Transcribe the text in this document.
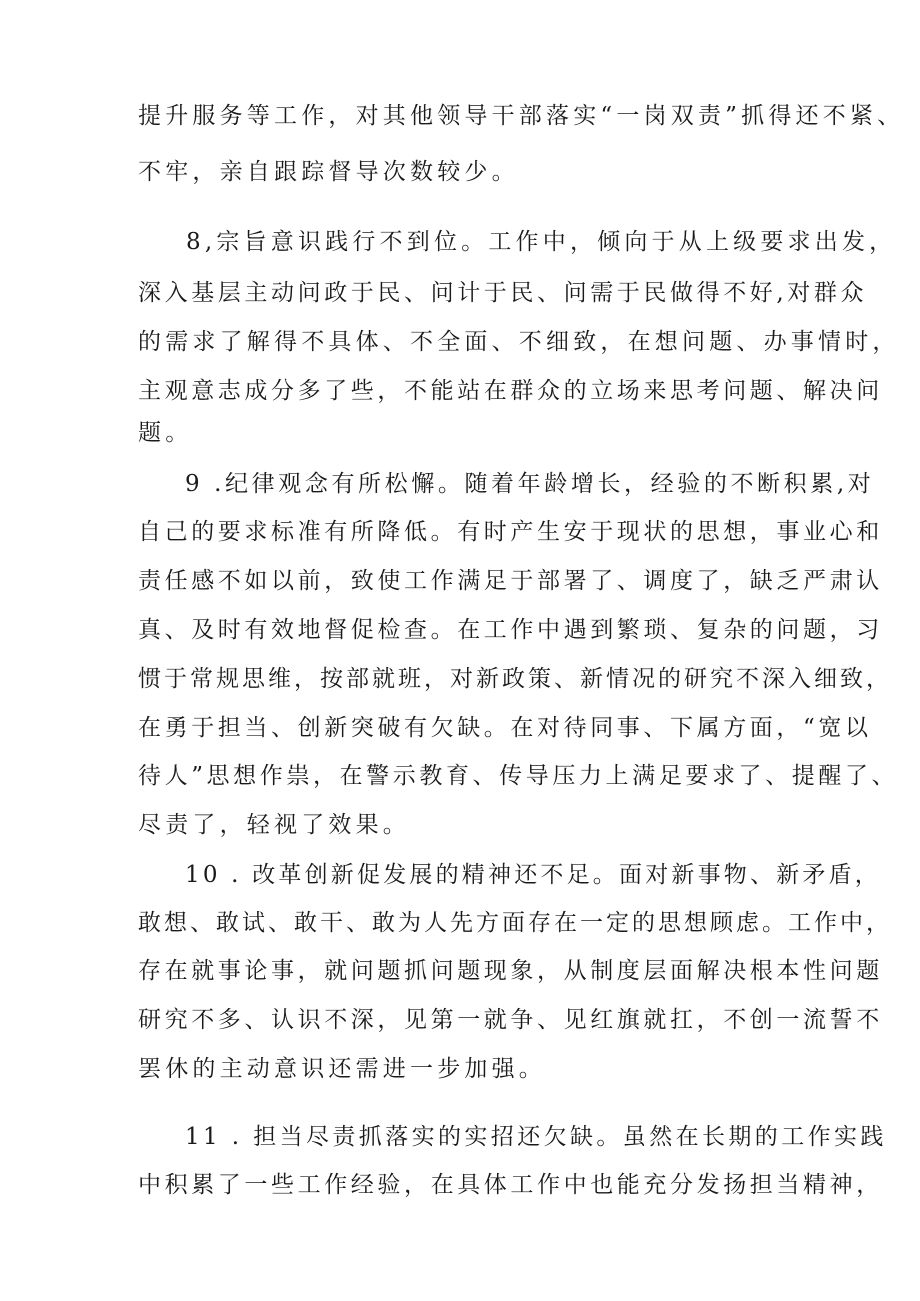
提升服务等工作，对其他领导干部落实“一岗双责”抓得还不紧、
不牢，亲自跟踪督导次数较少。
8,宗旨意识践行不到位。工作中，倾向于从上级要求出发，
深入基层主动问政于民、问计于民、问需于民做得不好,对群众
的需求了解得不具体、不全面、不细致，在想问题、办事情时，
主观意志成分多了些，不能站在群众的立场来思考问题、解决问
题。
9 .纪律观念有所松懈。随着年龄增长，经验的不断积累,对
自己的要求标准有所降低。有时产生安于现状的思想，事业心和
责任感不如以前，致使工作满足于部署了、调度了，缺乏严肃认
真、及时有效地督促检查。在工作中遇到繁琐、复杂的问题，习
惯于常规思维，按部就班，对新政策、新情况的研究不深入细致，
在勇于担当、创新突破有欠缺。在对待同事、下属方面，“宽以
待人”思想作祟，在警示教育、传导压力上满足要求了、提醒了、
尽责了，轻视了效果。
10 . 改革创新促发展的精神还不足。面对新事物、新矛盾，
敢想、敢试、敢干、敢为人先方面存在一定的思想顾虑。工作中，
存在就事论事，就问题抓问题现象，从制度层面解决根本性问题
研究不多、认识不深，见第一就争、见红旗就扛，不创一流誓不
罢休的主动意识还需进一步加强。
11 . 担当尽责抓落实的实招还欠缺。虽然在长期的工作实践
中积累了一些工作经验，在具体工作中也能充分发扬担当精神，
